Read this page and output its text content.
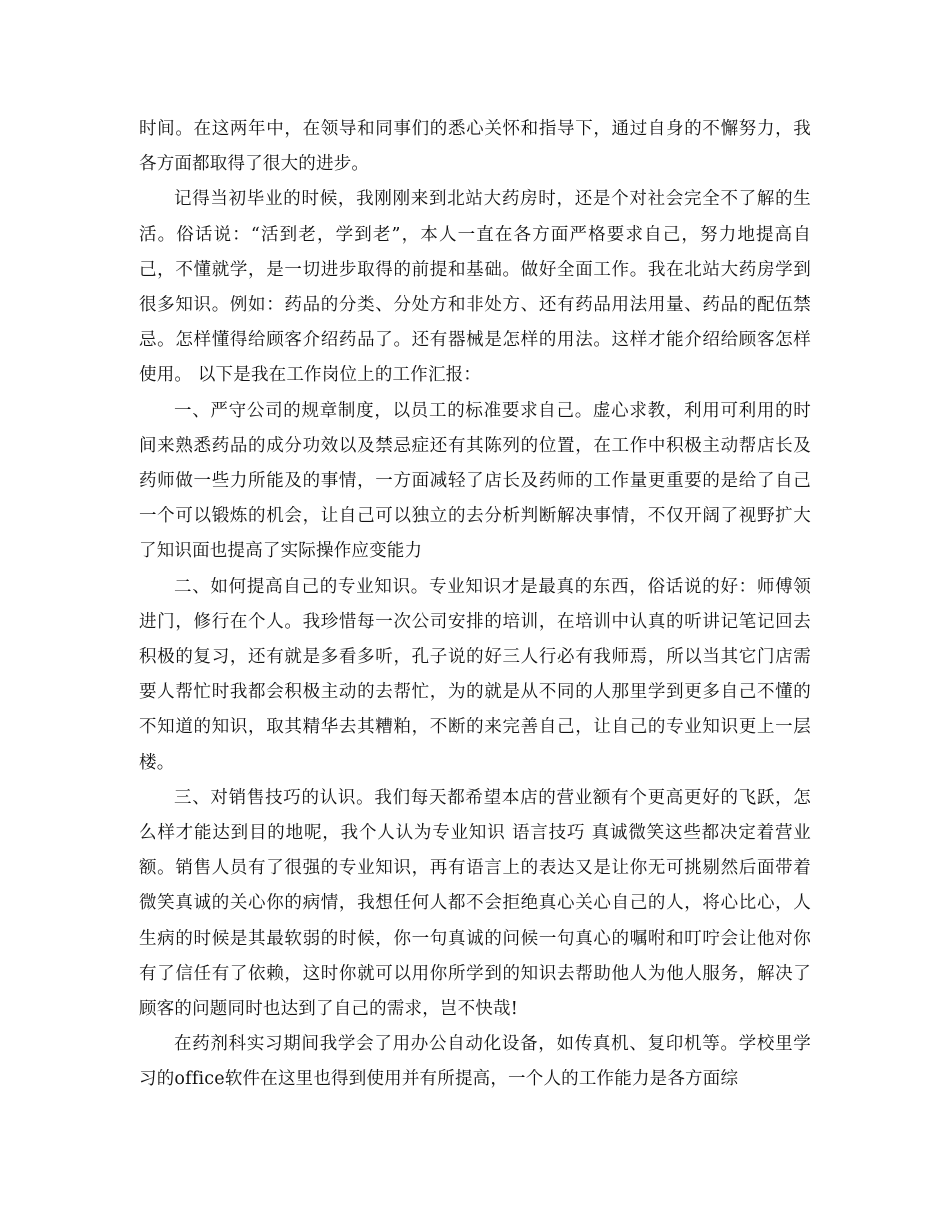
时间。在这两年中，在领导和同事们的悉心关怀和指导下，通过自身的不懈努力，我各方面都取得了很大的进步。

记得当初毕业的时候，我刚刚来到北站大药房时，还是个对社会完全不了解的生活。俗话说：“活到老，学到老”，本人一直在各方面严格要求自己，努力地提高自己，不懂就学，是一切进步取得的前提和基础。做好全面工作。我在北站大药房学到很多知识。例如：药品的分类、分处方和非处方、还有药品用法用量、药品的配伍禁忌。怎样懂得给顾客介绍药品了。还有器械是怎样的用法。这样才能介绍给顾客怎样使用。 以下是我在工作岗位上的工作汇报：

一、严守公司的规章制度，以员工的标准要求自己。虚心求教，利用可利用的时间来熟悉药品的成分功效以及禁忌症还有其陈列的位置，在工作中积极主动帮店长及药师做一些力所能及的事情，一方面减轻了店长及药师的工作量更重要的是给了自己一个可以锻炼的机会，让自己可以独立的去分析判断解决事情，不仅开阔了视野扩大了知识面也提高了实际操作应变能力

二、如何提高自己的专业知识。专业知识才是最真的东西，俗话说的好：师傅领进门，修行在个人。我珍惜每一次公司安排的培训，在培训中认真的听讲记笔记回去积极的复习，还有就是多看多听，孔子说的好三人行必有我师焉，所以当其它门店需要人帮忙时我都会积极主动的去帮忙，为的就是从不同的人那里学到更多自己不懂的不知道的知识，取其精华去其糟粕，不断的来完善自己，让自己的专业知识更上一层楼。

三、对销售技巧的认识。我们每天都希望本店的营业额有个更高更好的飞跃，怎么样才能达到目的地呢，我个人认为专业知识 语言技巧 真诚微笑这些都决定着营业额。销售人员有了很强的专业知识，再有语言上的表达又是让你无可挑剔然后面带着微笑真诚的关心你的病情，我想任何人都不会拒绝真心关心自己的人，将心比心，人生病的时候是其最软弱的时候，你一句真诚的问候一句真心的嘱咐和叮咛会让他对你有了信任有了依赖，这时你就可以用你所学到的知识去帮助他人为他人服务，解决了顾客的问题同时也达到了自己的需求，岂不快哉!

在药剂科实习期间我学会了用办公自动化设备，如传真机、复印机等。学校里学习的office软件在这里也得到使用并有所提高，一个人的工作能力是各方面综
